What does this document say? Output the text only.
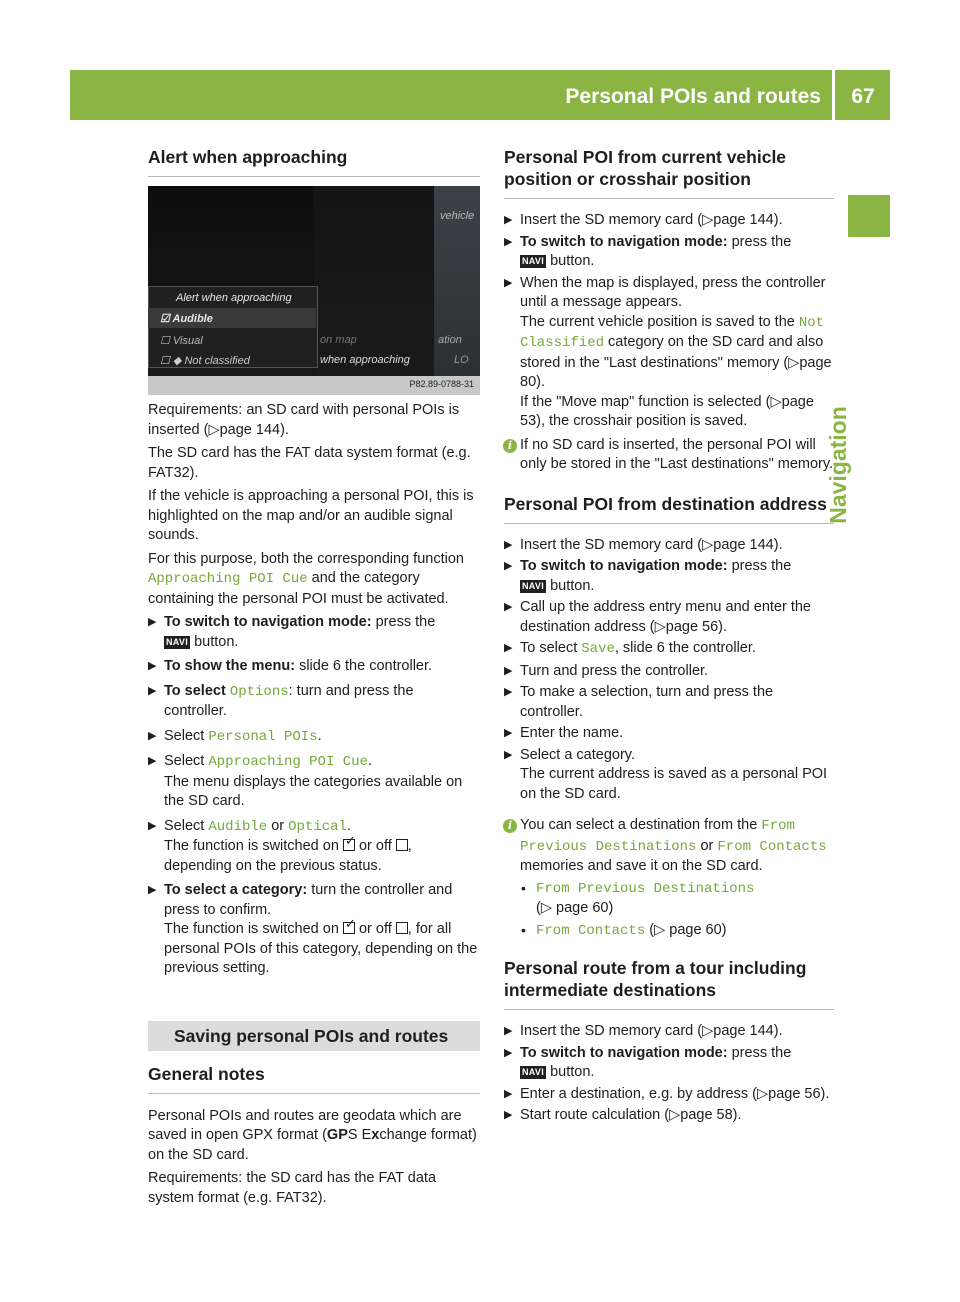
Personal POIs and routes	67
Navigation
Alert when approaching

Requirements: an SD card with personal POIs is inserted (▷page 144).

The SD card has the FAT data system format (e.g. FAT32).

If the vehicle is approaching a personal POI, this is highlighted on the map and/or an audible signal sounds.

For this purpose, both the corresponding function Approaching POI Cue and the category containing the personal POI must be activated.

▶ To switch to navigation mode: press the
NAVI button.
▶ To show the menu: slide 6 the controller.
▶ To select Options: turn and press the controller.
▶ Select Personal POIs.
▶ Select Approaching POI Cue.
The menu displays the categories available on the SD card.
▶ Select Audible or Optical.
The function is switched on ✓ or off , depending on the previous status.
▶ To select a category: turn the controller and press to confirm.
The function is switched on ✓ or off , for all personal POIs of this category, depending on the previous setting.
Saving personal POIs and routes
General notes

Personal POIs and routes are geodata which are saved in open GPX format (GPS Exchange format) on the SD card.

Requirements: the SD card has the FAT data system format (e.g. FAT32).

Alert when approaching
☑ Audible
☐ Visual
☐ ◆ Not classified
vehicle
on map	ation
when approaching	LO
P82.89-0788-31
Personal POI from current vehicle position or crosshair position
▶ Insert the SD memory card (▷page 144).
▶ To switch to navigation mode: press the
NAVI button.
▶ When the map is displayed, press the controller until a message appears.
The current vehicle position is saved to the Not Classified category on the SD card and also stored in the "Last destinations" memory (▷page 80).
If the "Move map" function is selected (▷page 53), the crosshair position is saved.
i If no SD card is inserted, the personal POI will only be stored in the "Last destinations" memory.
Personal POI from destination address
▶ Insert the SD memory card (▷page 144).
▶ To switch to navigation mode: press the
NAVI button.
▶ Call up the address entry menu and enter the destination address (▷page 56).
▶ To select Save, slide 6 the controller.
▶ Turn and press the controller.
▶ To make a selection, turn and press the controller.
▶ Enter the name.
▶ Select a category.
The current address is saved as a personal POI on the SD card.
i You can select a destination from the From Previous Destinations or From Contacts
memories and save it on the SD card.
• From Previous Destinations
(▷ page 60)
• From Contacts (▷ page 60)
Personal route from a tour including intermediate destinations
▶ Insert the SD memory card (▷page 144).
▶ To switch to navigation mode: press the
NAVI button.
▶ Enter a destination, e.g. by address (▷page 56).
▶ Start route calculation (▷page 58).
